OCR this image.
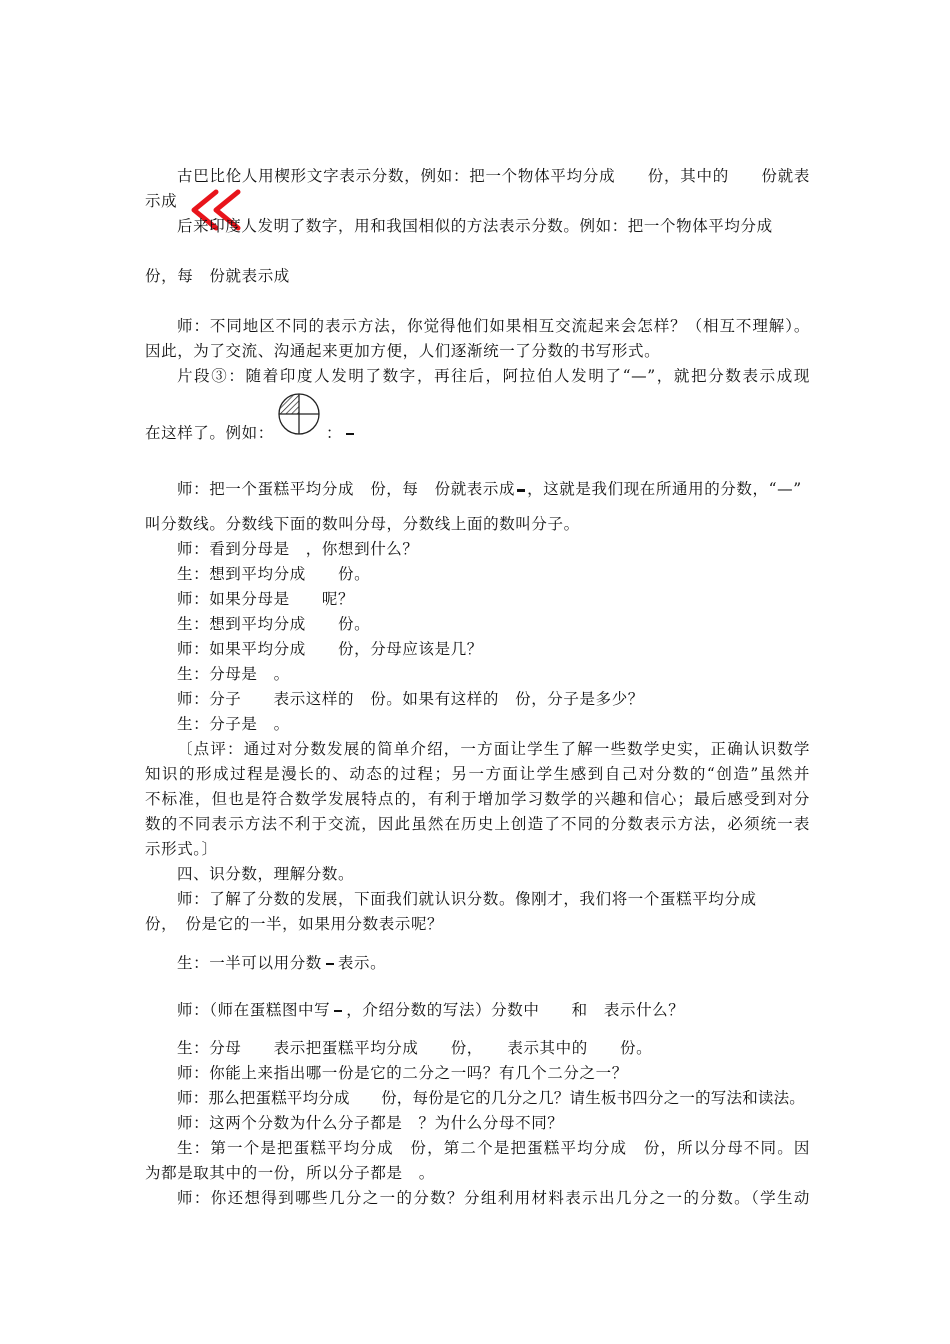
古巴比伦人用楔形文字表示分数，例如：把一个物体平均分成　　份，其中的　　份就表
示成
后来印度人发明了数字，用和我国相似的方法表示分数。例如：把一个物体平均分成
份，每　份就表示成
师：不同地区不同的表示方法，你觉得他们如果相互交流起来会怎样？（相互不理解）。
因此，为了交流、沟通起来更加方便，人们逐渐统一了分数的书写形式。
片段③：随着印度人发明了数字，再往后，阿拉伯人发明了“—”，就把分数表示成现
在这样了。例如：	：
师：把一个蛋糕平均分成　份，每　份就表示成 ，这就是我们现在所通用的分数，“—”
叫分数线。分数线下面的数叫分母，分数线上面的数叫分子。
师：看到分母是　，你想到什么？
生：想到平均分成　　份。
师：如果分母是　　呢？
生：想到平均分成　　份。
师：如果平均分成　　份，分母应该是几？
生：分母是　。
师：分子　　表示这样的　份。如果有这样的　份，分子是多少？
生：分子是　。
〔点评：通过对分数发展的简单介绍，一方面让学生了解一些数学史实，正确认识数学
知识的形成过程是漫长的、动态的过程；另一方面让学生感到自己对分数的“创造”虽然并
不标准，但也是符合数学发展特点的，有利于增加学习数学的兴趣和信心；最后感受到对分
数的不同表示方法不利于交流，因此虽然在历史上创造了不同的分数表示方法，必须统一表
示形式。〕
四、识分数，理解分数。
师：了解了分数的发展，下面我们就认识分数。像刚才，我们将一个蛋糕平均分成
份，　份是它的一半，如果用分数表示呢？
生：一半可以用分数 表示。
师：（师在蛋糕图中写 ，介绍分数的写法）分数中　　和　表示什么？
生：分母　　表示把蛋糕平均分成　　份，　　表示其中的　　份。
师：你能上来指出哪一份是它的二分之一吗？有几个二分之一？
师：那么把蛋糕平均分成　　份，每份是它的几分之几？请生板书四分之一的写法和读法。
师：这两个分数为什么分子都是　？为什么分母不同？
生：第一个是把蛋糕平均分成　份，第二个是把蛋糕平均分成　份，所以分母不同。因
为都是取其中的一份，所以分子都是　。
师：你还想得到哪些几分之一的分数？分组利用材料表示出几分之一的分数。（学生动
